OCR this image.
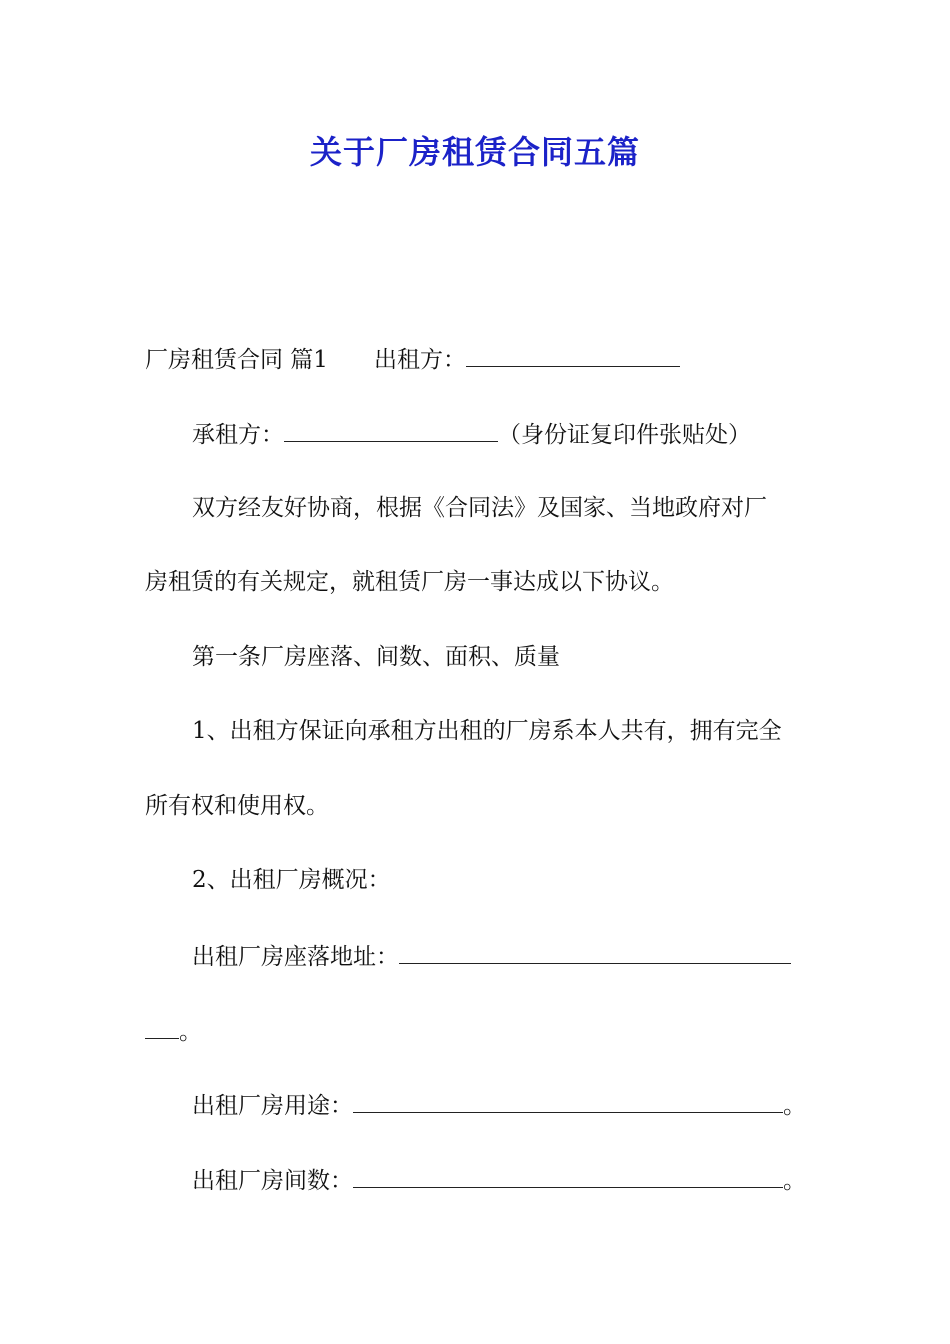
关于厂房租赁合同五篇
厂房租赁合同 篇1 出租方：
承租方：	（身份证复印件张贴处）
双方经友好协商，根据《合同法》及国家、当地政府对厂
房租赁的有关规定，就租赁厂房一事达成以下协议。
第一条厂房座落、间数、面积、质量
1、出租方保证向承租方出租的厂房系本人共有，拥有完全
所有权和使用权。
2、出租厂房概况：
出租厂房座落地址：
。
出租厂房用途：	。
出租厂房间数：	。
